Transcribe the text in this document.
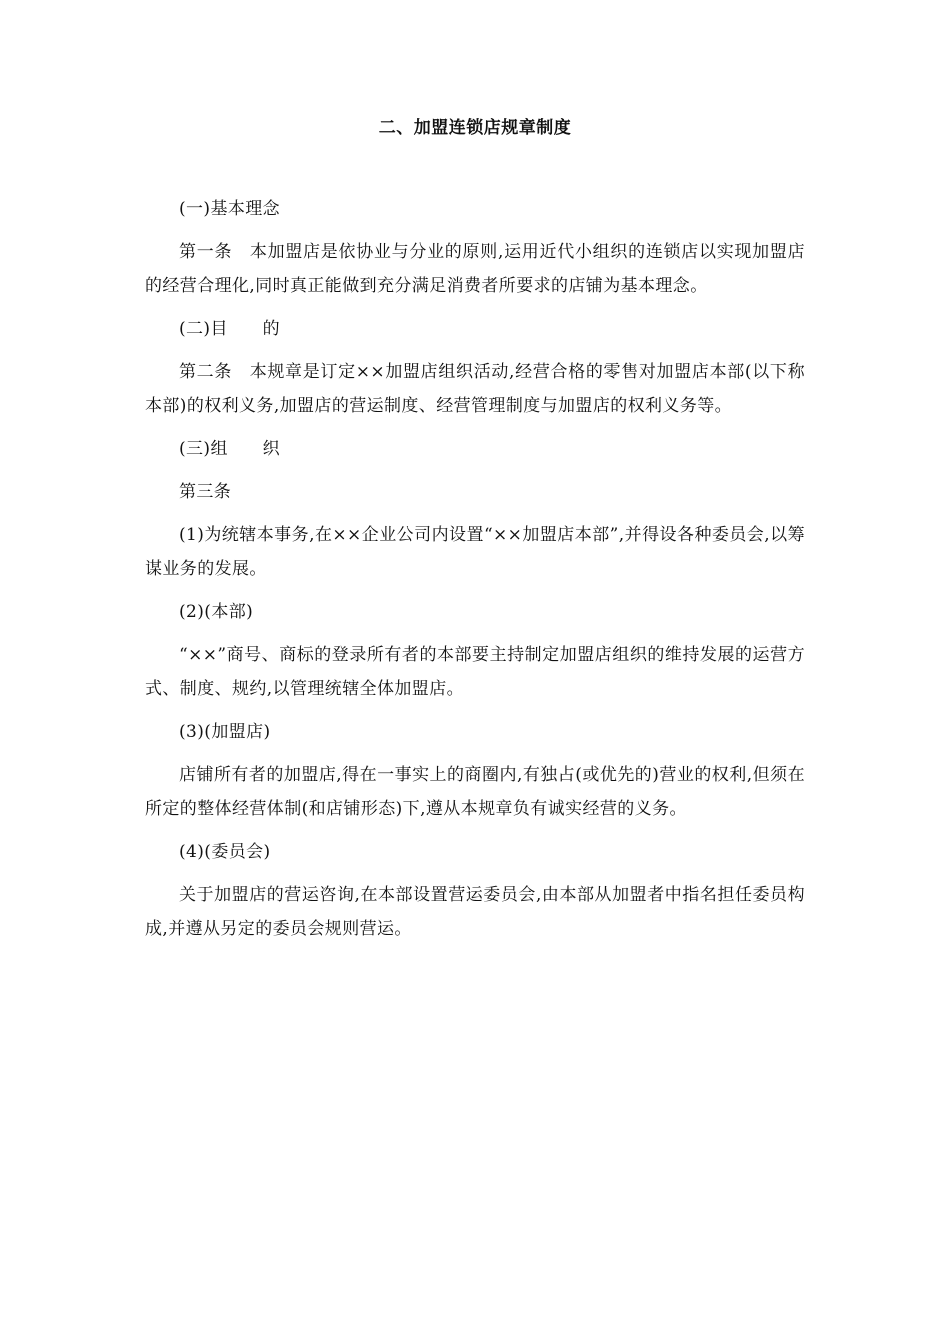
二、加盟连锁店规章制度

(一)基本理念

第一条　本加盟店是依协业与分业的原则,运用近代小组织的连锁店以实现加盟店的经营合理化,同时真正能做到充分满足消费者所要求的店铺为基本理念。

(二)目　　的

第二条　本规章是订定××加盟店组织活动,经营合格的零售对加盟店本部(以下称本部)的权利义务,加盟店的营运制度、经营管理制度与加盟店的权利义务等。

(三)组　　织

第三条

(1)为统辖本事务,在××企业公司内设置“××加盟店本部”,并得设各种委员会,以筹谋业务的发展。

(2)(本部)

“××”商号、商标的登录所有者的本部要主持制定加盟店组织的维持发展的运营方式、制度、规约,以管理统辖全体加盟店。

(3)(加盟店)

店铺所有者的加盟店,得在一事实上的商圈内,有独占(或优先的)营业的权利,但须在所定的整体经营体制(和店铺形态)下,遵从本规章负有诚实经营的义务。

(4)(委员会)

关于加盟店的营运咨询,在本部设置营运委员会,由本部从加盟者中指名担任委员构成,并遵从另定的委员会规则营运。
